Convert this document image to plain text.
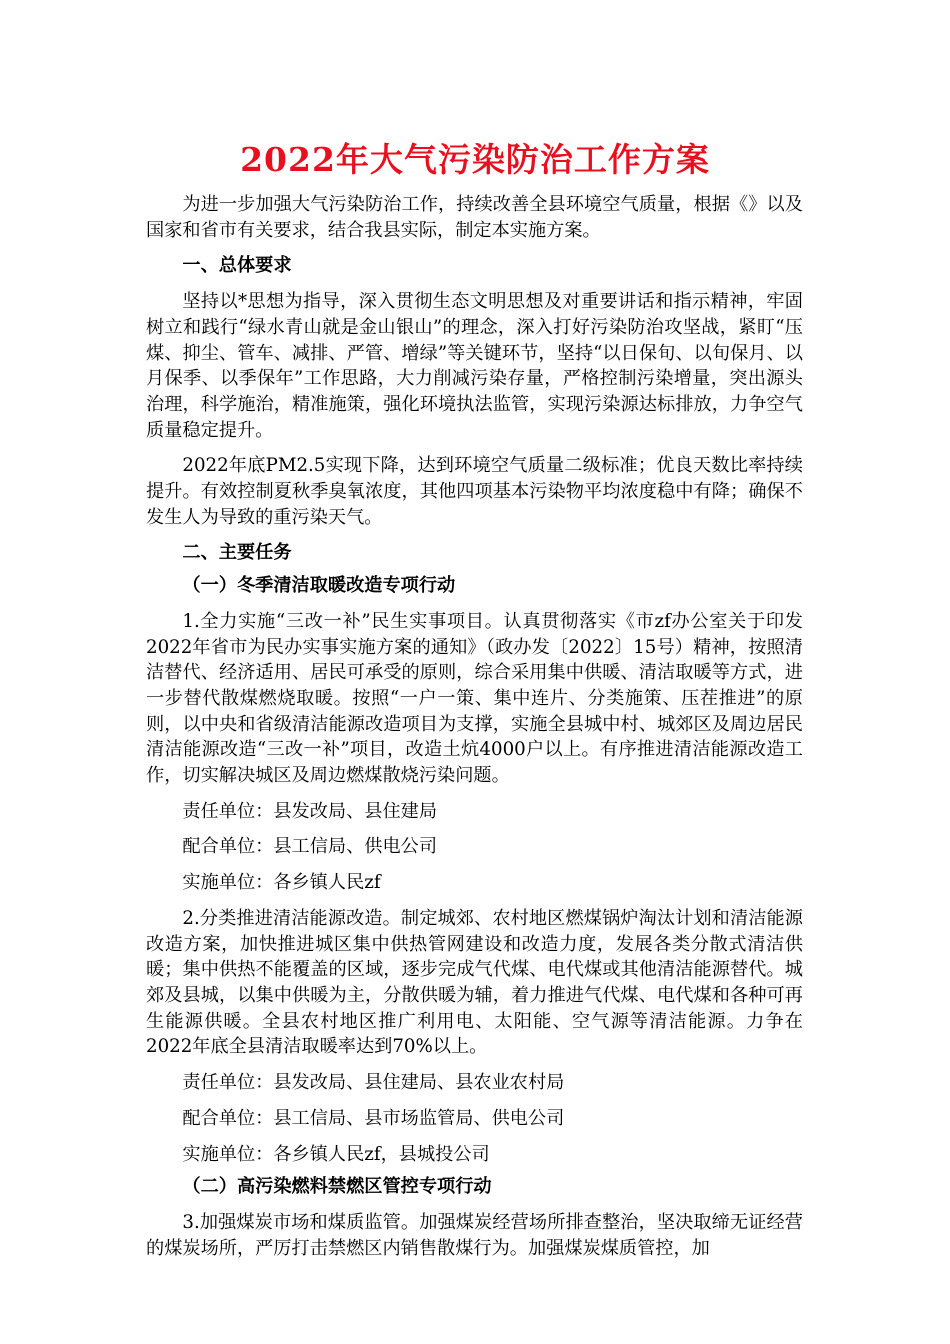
2022年大气污染防治工作方案

为进一步加强大气污染防治工作，持续改善全县环境空气质量，根据《》以及国家和省市有关要求，结合我县实际，制定本实施方案。

一、总体要求

坚持以*思想为指导，深入贯彻生态文明思想及对重要讲话和指示精神，牢固树立和践行“绿水青山就是金山银山”的理念，深入打好污染防治攻坚战，紧盯“压煤、抑尘、管车、减排、严管、增绿”等关键环节，坚持“以日保旬、以旬保月、以月保季、以季保年”工作思路，大力削减污染存量，严格控制污染增量，突出源头治理，科学施治，精准施策，强化环境执法监管，实现污染源达标排放，力争空气质量稳定提升。

2022年底PM2.5实现下降，达到环境空气质量二级标准；优良天数比率持续提升。有效控制夏秋季臭氧浓度，其他四项基本污染物平均浓度稳中有降；确保不发生人为导致的重污染天气。

二、主要任务

（一）冬季清洁取暖改造专项行动

1.全力实施“三改一补”民生实事项目。认真贯彻落实《市zf办公室关于印发2022年省市为民办实事实施方案的通知》（政办发〔2022〕15号）精神，按照清洁替代、经济适用、居民可承受的原则，综合采用集中供暖、清洁取暖等方式，进一步替代散煤燃烧取暖。按照“一户一策、集中连片、分类施策、压茬推进”的原则，以中央和省级清洁能源改造项目为支撑，实施全县城中村、城郊区及周边居民清洁能源改造“三改一补”项目，改造土炕4000户以上。有序推进清洁能源改造工作，切实解决城区及周边燃煤散烧污染问题。

责任单位：县发改局、县住建局

配合单位：县工信局、供电公司

实施单位：各乡镇人民zf

2.分类推进清洁能源改造。制定城郊、农村地区燃煤锅炉淘汰计划和清洁能源改造方案，加快推进城区集中供热管网建设和改造力度，发展各类分散式清洁供暖；集中供热不能覆盖的区域，逐步完成气代煤、电代煤或其他清洁能源替代。城郊及县城，以集中供暖为主，分散供暖为辅，着力推进气代煤、电代煤和各种可再生能源供暖。全县农村地区推广利用电、太阳能、空气源等清洁能源。力争在2022年底全县清洁取暖率达到70%以上。

责任单位：县发改局、县住建局、县农业农村局

配合单位：县工信局、县市场监管局、供电公司

实施单位：各乡镇人民zf，县城投公司

（二）高污染燃料禁燃区管控专项行动

3.加强煤炭市场和煤质监管。加强煤炭经营场所排查整治，坚决取缔无证经营的煤炭场所，严厉打击禁燃区内销售散煤行为。加强煤炭煤质管控，加
